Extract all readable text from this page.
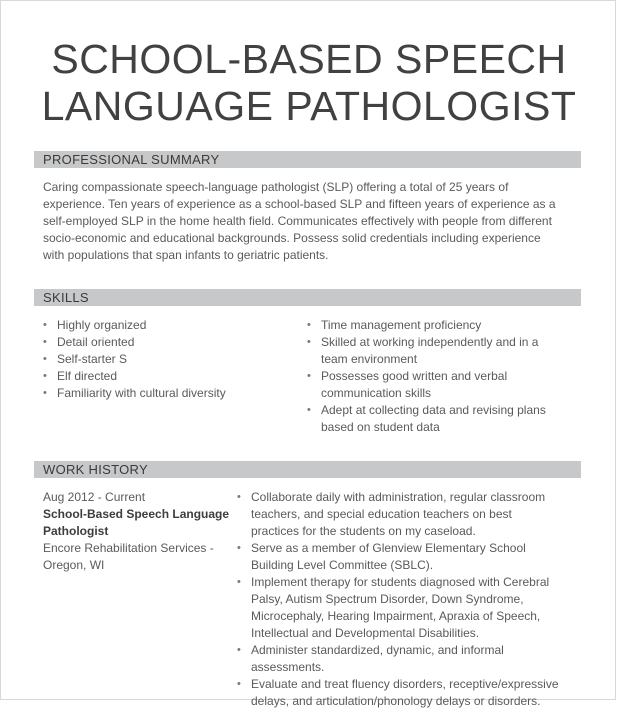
SCHOOL-BASED SPEECH
LANGUAGE PATHOLOGIST
PROFESSIONAL SUMMARY
Caring compassionate speech-language pathologist (SLP) offering a total of 25 years of
experience. Ten years of experience as a school-based SLP and fifteen years of experience as a
self-employed SLP in the home health field. Communicates effectively with people from different
socio-economic and educational backgrounds. Possess solid credentials including experience
with populations that span infants to geriatric patients.
SKILLS
• Highly organized
• Detail oriented
• Self-starter S
• Elf directed
• Familiarity with cultural diversity
• Time management proficiency
• Skilled at working independently and in a
team environment
• Possesses good written and verbal
communication skills
• Adept at collecting data and revising plans
based on student data
WORK HISTORY
Aug 2012 - Current
School-Based Speech Language
Pathologist
Encore Rehabilitation Services -
Oregon, WI
• Collaborate daily with administration, regular classroom
teachers, and special education teachers on best
practices for the students on my caseload.
• Serve as a member of Glenview Elementary School
Building Level Committee (SBLC).
• Implement therapy for students diagnosed with Cerebral
Palsy, Autism Spectrum Disorder, Down Syndrome,
Microcephaly, Hearing Impairment, Apraxia of Speech,
Intellectual and Developmental Disabilities.
• Administer standardized, dynamic, and informal
assessments.
• Evaluate and treat fluency disorders, receptive/expressive
delays, and articulation/phonology delays or disorders.
